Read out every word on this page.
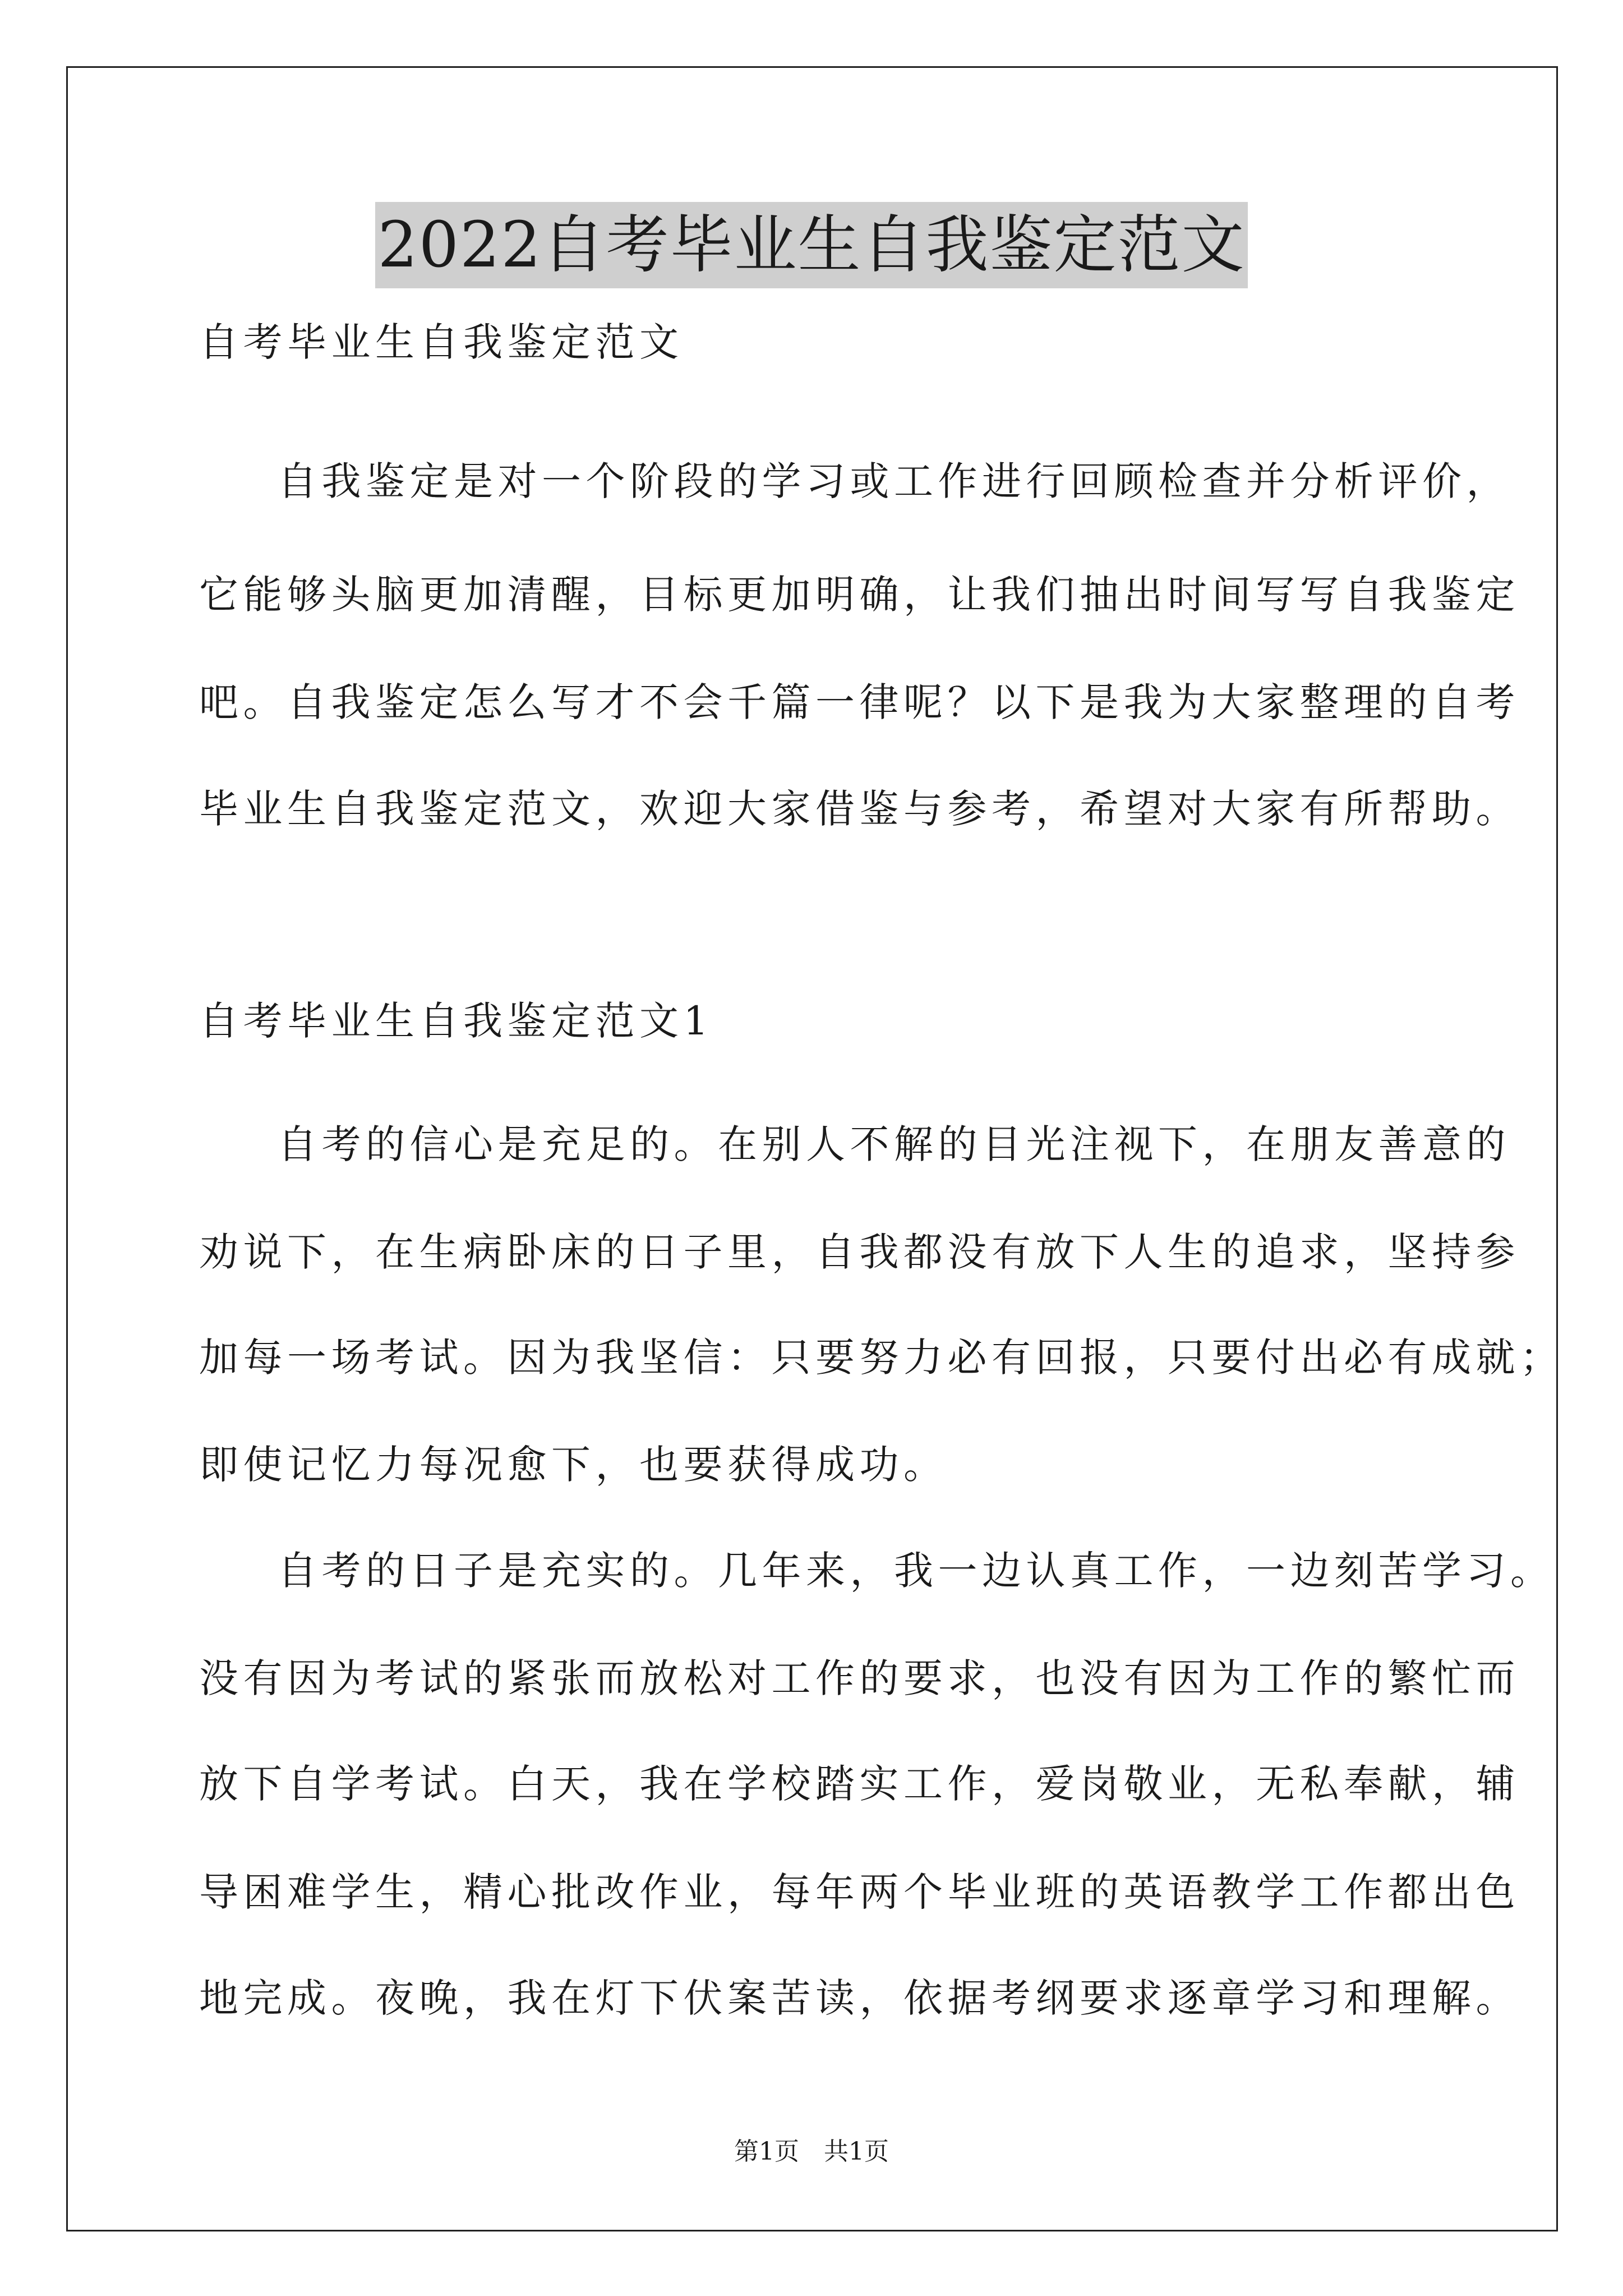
2022自考毕业生自我鉴定范文
自考毕业生自我鉴定范文
自我鉴定是对一个阶段的学习或工作进行回顾检查并分析评价，
它能够头脑更加清醒，目标更加明确，让我们抽出时间写写自我鉴定
吧。自我鉴定怎么写才不会千篇一律呢？以下是我为大家整理的自考
毕业生自我鉴定范文，欢迎大家借鉴与参考，希望对大家有所帮助。
自考毕业生自我鉴定范文1
自考的信心是充足的。在别人不解的目光注视下，在朋友善意的
劝说下，在生病卧床的日子里，自我都没有放下人生的追求，坚持参
加每一场考试。因为我坚信：只要努力必有回报，只要付出必有成就；
即使记忆力每况愈下，也要获得成功。
自考的日子是充实的。几年来，我一边认真工作，一边刻苦学习。
没有因为考试的紧张而放松对工作的要求，也没有因为工作的繁忙而
放下自学考试。白天，我在学校踏实工作，爱岗敬业，无私奉献，辅
导困难学生，精心批改作业，每年两个毕业班的英语教学工作都出色
地完成。夜晚，我在灯下伏案苦读，依据考纲要求逐章学习和理解。
第1页　共1页
